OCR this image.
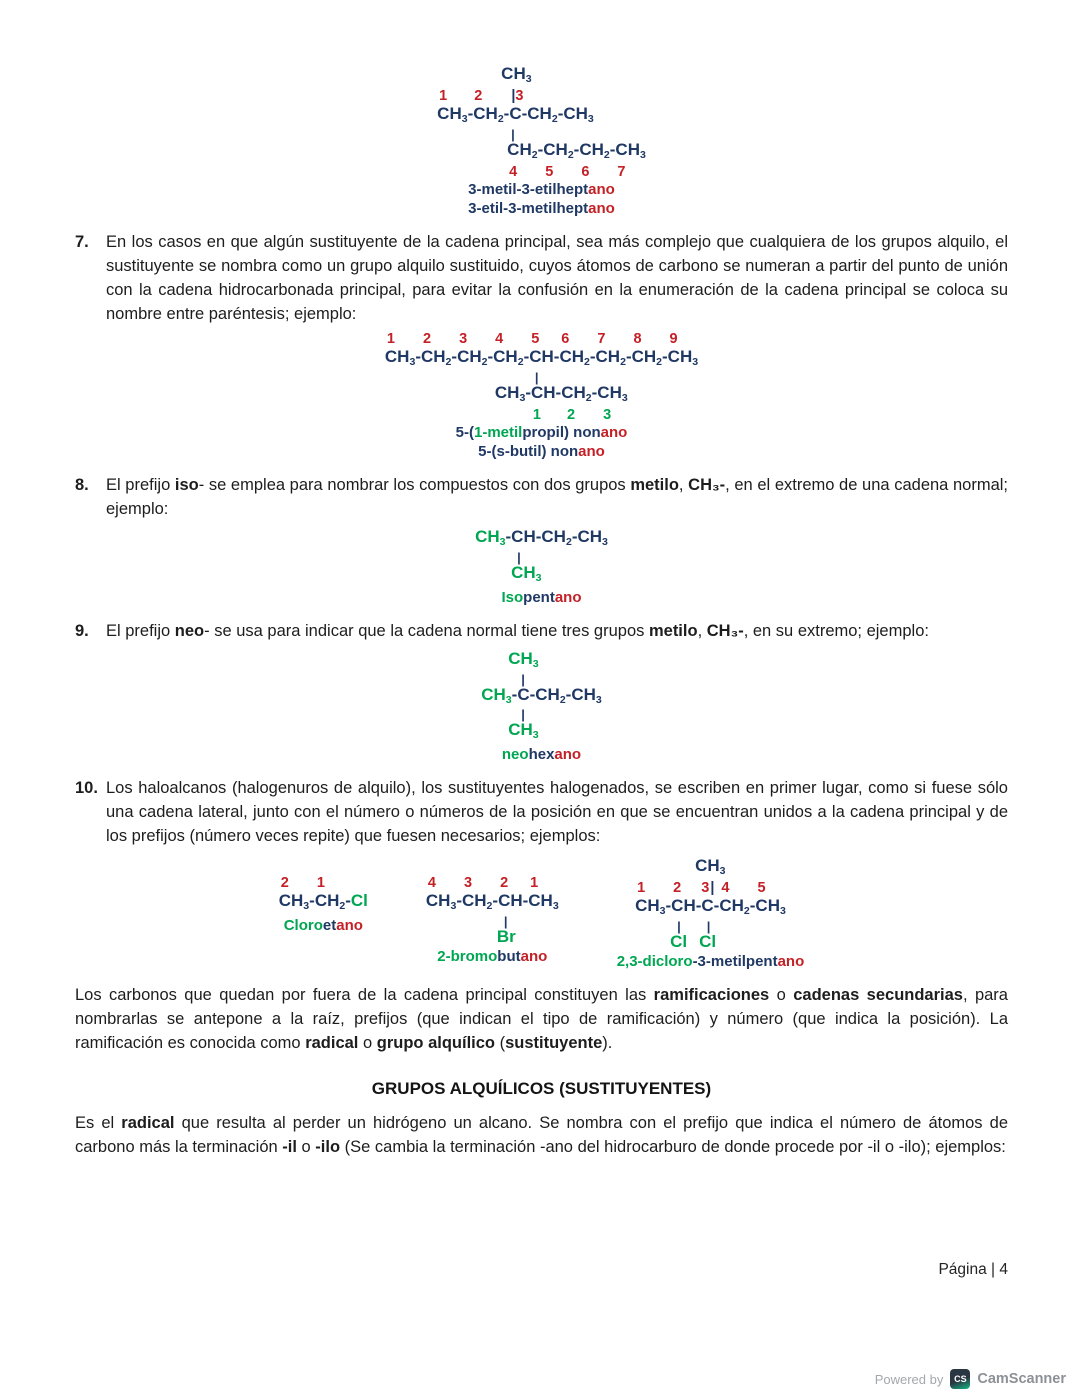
$CH_3$
1 2 |3
$CH_3-CH_2-C-CH_2-CH_3$
|
$CH_2-CH_2-CH_2-CH_3$
4 5 6 7
3-metil-3-etilheptano
3-etil-3-metilheptano
7.	En los casos en que algún sustituyente de la cadena principal, sea más complejo que cualquiera de los grupos alquilo, el sustituyente se nombra como un grupo alquilo sustituido, cuyos átomos de carbono se numeran a partir del punto de unión con la cadena hidrocarbonada principal, para evitar la confusión en la enumeración de la cadena principal se coloca su nombre entre paréntesis; ejemplo:
1 2 3 4 5 6 7 8 9
$CH_3-CH_2-CH_2-CH_2-CH-CH_2-CH_2-CH_2-CH_3$
|
$CH_3-CH-CH_2-CH_3$
1 2 3
5-(1-metilpropil) nonano
5-(s-butil) nonano
8.	El prefijo iso- se emplea para nombrar los compuestos con dos grupos metilo, CH₃-, en el extremo de una cadena normal; ejemplo:
$CH_3-CH-CH_2-CH_3$
|
$CH_3$
Isopentano
9.	El prefijo neo- se usa para indicar que la cadena normal tiene tres grupos metilo, CH₃-, en su extremo; ejemplo:
$CH_3$
|
$CH_3-C-CH_2-CH_3$
|
$CH_3$
neohexano
10. Los haloalcanos (halogenuros de alquilo), los sustituyentes halogenados, se escriben en primer lugar, como si fuese sólo una cadena lateral, junto con el número o números de la posición en que se encuentran unidos a la cadena principal y de los prefijos (número veces repite) que fuesen necesarios; ejemplos:
2 1
$CH_3-CH_2-Cl$
Cloroetano
4 3 2 1
$CH_3-CH_2-CH-CH_3$
|
Br
2-bromobutano
$CH_3$
1 2 3| 4 5
$CH_3-CH-C-CH_2-CH_3$
| |
Cl Cl
2,3-dicloro-3-metilpentano

Los carbonos que quedan por fuera de la cadena principal constituyen las ramificaciones o cadenas secundarias, para nombrarlas se antepone a la raíz, prefijos (que indican el tipo de ramificación) y número (que indica la posición). La ramificación es conocida como radical o grupo alquílico (sustituyente).

GRUPOS ALQUÍLICOS (SUSTITUYENTES)

Es el radical que resulta al perder un hidrógeno un alcano. Se nombra con el prefijo que indica el número de átomos de carbono más la terminación -il o -ilo (Se cambia la terminación -ano del hidrocarburo de donde procede por -il o -ilo); ejemplos:

Página | 4
Powered by	CS CamScanner
